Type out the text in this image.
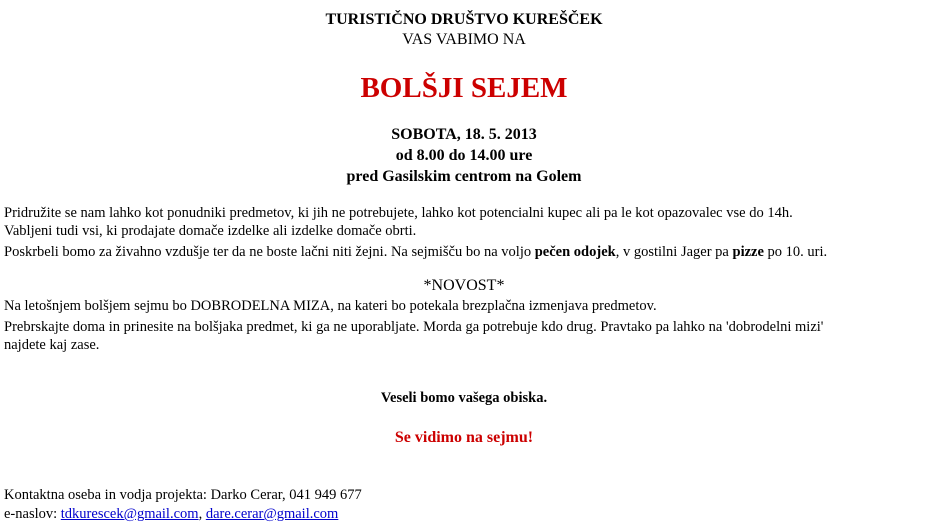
TURISTIČNO DRUŠTVO KUREŠČEK
VAS VABIMO NA
BOLŠJI SEJEM
SOBOTA, 18. 5. 2013
od 8.00 do 14.00 ure
pred Gasilskim centrom na Golem
Pridružite se nam lahko kot ponudniki predmetov, ki jih ne potrebujete, lahko kot potencialni kupec ali pa le kot opazovalec vse do 14h.
Vabljeni tudi vsi, ki prodajate domače izdelke ali izdelke domače obrti.
Poskrbeli bomo za živahno vzdušje ter da ne boste lačni niti žejni. Na sejmišču bo na voljo pečen odojek, v gostilni Jager pa pizze po 10. uri.
*NOVOST*
Na letošnjem bolšjem sejmu bo DOBRODELNA MIZA, na kateri bo potekala brezplačna izmenjava predmetov.
Prebrskajte doma in prinesite na bolšjaka predmet, ki ga ne uporabljate. Morda ga potrebuje kdo drug. Pravtako pa lahko na 'dobrodelni mizi'
najdete kaj zase.
Veseli bomo vašega obiska.
Se vidimo na sejmu!
Kontaktna oseba in vodja projekta: Darko Cerar, 041 949 677
e-naslov: tdkurescek@gmail.com, dare.cerar@gmail.com
